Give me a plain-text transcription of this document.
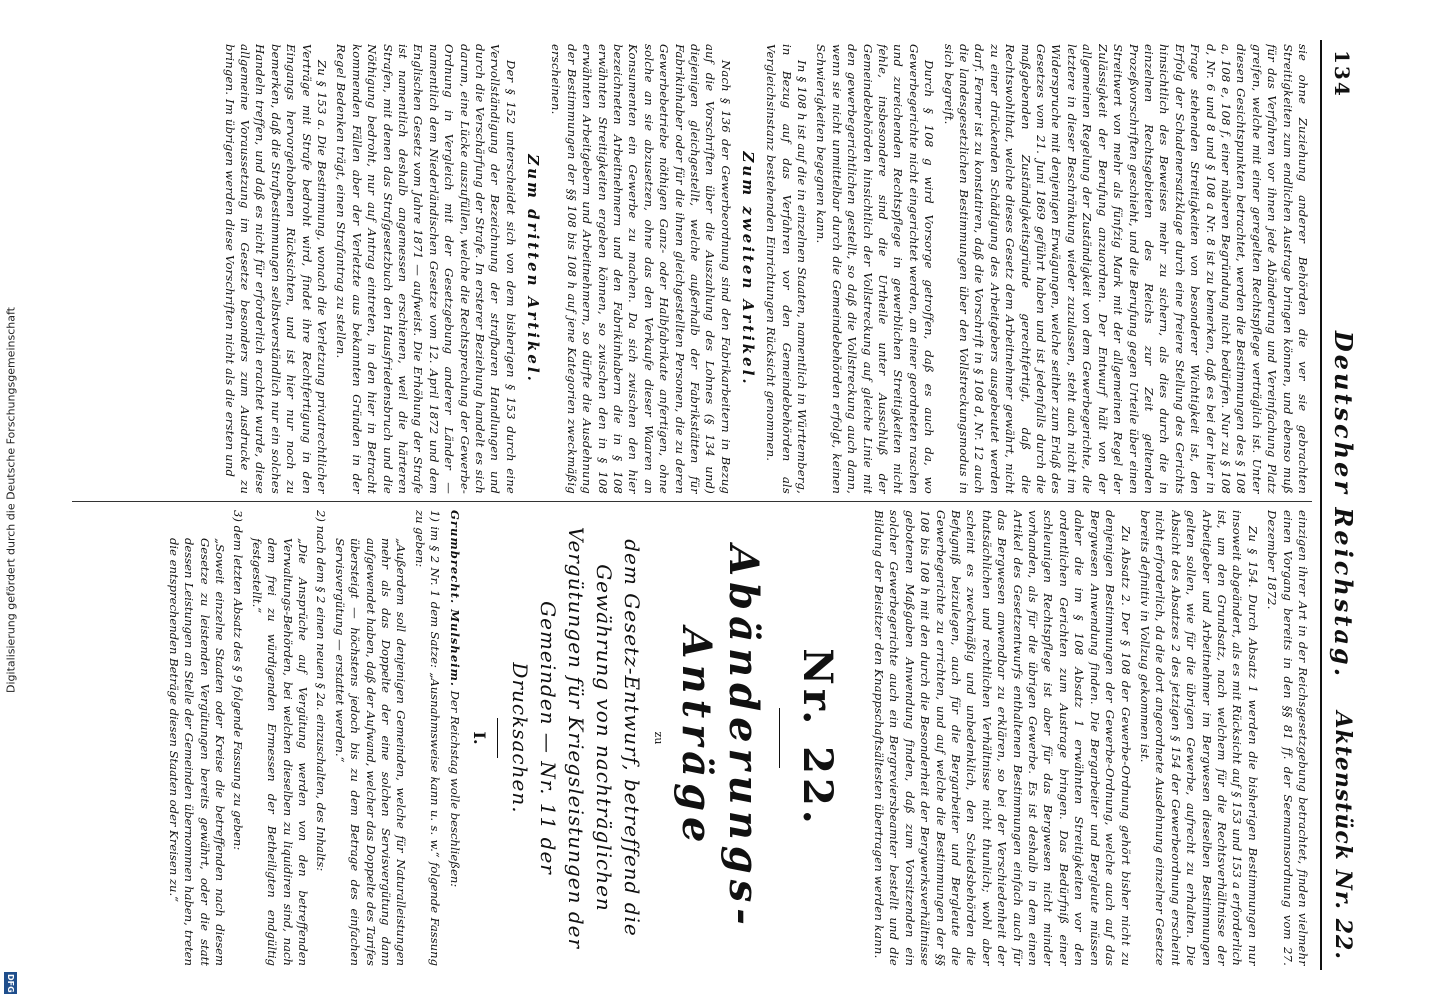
Digitalisierung gefördert durch die Deutsche Forschungsgemeinschaft
DFG
134
Deutscher Reichstag.
Aktenstück Nr. 22.

sie ohne Zuziehung anderer Behörden die ver sie gebrachten Streitigkeiten zum endlichen Austrage bringen können, und ebenso muß für das Verfahren vor ihnen jede Abänderung und Vereinfachung Platz greifen, welche mit einer geregelten Rechtspflege verträglich ist. Unter diesen Gesichtspunkten betrachtet, werden die Bestimmungen des § 108 a, 108 e, 108 f, einer näheren Begründung nicht bedürfen. Nur zu § 108 d, Nr. 6 und 8 und § 108 a Nr. 8 ist zu bemerken, daß es bei der hier in Frage stehenden Streitigkeiten von besonderer Wichtigkeit ist, den Erfolg der Schadenersatzklage durch eine freiere Stellung des Gerichts hinsichtlich des Beweises mehr zu sichern, als dies durch die in einzelnen Rechtsgebieten des Reichs zur Zeit geltenden Prozeßvorschriften geschieht, und die Berufung gegen Urteile über einen Streitwert von mehr als fünfzig Mark mit der allgemeinen Regel der Zulässigkeit der Berufung anzuordnen. Der Entwurf hält von der allgemeinen Regelung der Zuständigkeit von dem Gewerbegerichte, die letztere in dieser Beschränkung wieder zuzulassen, steht auch nicht im Widerspruche mit denjenigen Erwägungen, welche seither zum Erlaß des Gesetzes vom 21. Juni 1869 geführt haben und ist jedenfalls durch die maßgebenden Zuständigkeitsgründe gerechtfertigt, daß die Rechtswohlthat, welche dieses Gesetz dem Arbeitnehmer gewährt, nicht zu einer drückenden Schädigung des Arbeitgebers ausgebeutet werden darf. Ferner ist zu konstatiren, daß die Vorschrift in § 108 d, Nr. 12 auch die landesgesetzlichen Bestimmungen über den Vollstreckungsmodus in sich begreift.

Durch § 108 g wird Vorsorge getroffen, daß es auch da, wo Gewerbegerichte nicht eingerichtet werden, an einer geordneten raschen und zureichenden Rechtspflege in gewerblichen Streitigkeiten nicht fehle, insbesondere sind die Urtheile unter Ausschluß der Gemeindebehörden hinsichtlich der Vollstreckung auf gleiche Linie mit den gewerbegerichtlichen gestellt, so daß die Vollstreckung auch dann, wenn sie nicht unmittelbar durch die Gemeindebehörden erfolgt, keinen Schwierigkeiten begegnen kann.

In § 108 h ist auf die in einzelnen Staaten, namentlich in Württemberg, in Bezug auf das Verfahren vor den Gemeindebehörden als Vergleichsinstanz bestehenden Einrichtungen Rücksicht genommen.

Zum zweiten Artikel.

Nach § 136 der Gewerbeordnung sind den Fabrikarbeitern in Bezug auf die Vorschriften über die Auszahlung des Lohnes (§ 134 und) diejenigen gleichgestellt, welche außerhalb der Fabrikstätten für Fabrikinhaber oder für die ihnen gleichgestellten Personen, die zu deren Gewerbebetriebe nöthigen Ganz- oder Halbfabrikate anfertigen, ohne solche an sie abzusetzen, ohne das den Verkaufe dieser Waaren an Konsumenten ein Gewerbe zu machen. Da sich zwischen den hier bezeichneten Arbeitnehmern und den Fabrikinhabern die in § 108 erwähnten Streitigkeiten ergeben können, so zwischen den in § 108 erwähnten Arbeitgebern und Arbeitnehmern, so dürfte die Ausdehnung der Bestimmungen der §§ 108 bis 108 h auf jene Kategorien zweckmäßig erscheinen.

Zum dritten Artikel.

Der § 152 unterscheidet sich von dem bisherigen § 153 durch eine Vervollständigung der Bezeichnung der strafbaren Handlungen und durch die Verschärfung der Strafe. In ersterer Beziehung handelt es sich darum, eine Lücke auszufüllen, welche die Rechtsprechung der Gewerbe-Ordnung in Vergleich mit der Gesetzgebung anderer Länder — namentlich dem Niederländischen Gesetze vom 12. April 1872 und dem Englischen Gesetz vom Jahre 1871 — aufweist. Die Erhöhung der Strafe ist namentlich deshalb angemessen erschienen, weil die härteren Strafen, mit denen das Strafgesetzbuch den Hausfriedensbruch und die Nöthigung bedroht, nur auf Antrag eintreten, in den hier in Betracht kommenden Fällen aber der Verletzte aus bekannten Gründen in der Regel Bedenken trägt, einen Strafantrag zu stellen.

Zu § 153 a. Die Bestimmung, wonach die Verletzung privatrechtlicher Verträge mit Strafe bedroht wird, findet ihre Rechtfertigung in den Eingangs hervorgehobenen Rücksichten, und ist hier nur noch zu bemerken, daß die Strafbestimmungen selbstverständlich nur ein solches Handeln treffen, und daß es nicht für erforderlich erachtet wurde, diese allgemeine Voraussetzung im Gesetze besonders zum Ausdrucke zu bringen. Im übrigen werden diese Vorschriften nicht als die ersten und

einzigen ihrer Art in der Reichsgesetzgebung betrachtet, finden vielmehr einen Vorgang bereits in den §§ 81 ff. der Seemannsordnung vom 27. Dezember 1872.

Zu § 154. Durch Absatz 1 werden die bisherigen Bestimmungen nur insoweit abgeändert, als es mit Rücksicht auf § 153 und 153 a erforderlich ist, um den Grundsatz, nach welchem für die Rechtsverhältnisse der Arbeitgeber und Arbeitnehmer im Bergwesen dieselben Bestimmungen gelten sollen, wie für die übrigen Gewerbe, aufrecht zu erhalten. Die Absicht des Absatzes 2 des jetzigen § 154 der Gewerbeordnung erscheint nicht erforderlich, da die dort angeordnete Ausdehnung einzelner Gesetze bereits definitiv in Vollzug gekommen ist.

Zu Absatz 2. Der § 108 der Gewerbe-Ordnung gehört bisher nicht zu denjenigen Bestimmungen der Gewerbe-Ordnung, welche auch auf das Bergwesen Anwendung finden. Die Bergarbeiter und Bergleute müssen daher die im § 108 Absatz 1 erwähnten Streitigkeiten vor den ordentlichen Gerichten zum Austrage bringen. Das Bedürfniß einer schleunigen Rechtspflege ist aber für das Bergwesen nicht minder vorhanden, als für die übrigen Gewerbe. Es ist deshalb in dem einen Artikel des Gesetzentwurfs enthaltenen Bestimmungen einfach auch für das Bergwesen anwendbar zu erklären, so bei der Verschiedenheit der thatsächlichen und rechtlichen Verhältnisse nicht thunlich; wohl aber scheint es zweckmäßig und unbedenklich, den Schiedsbehörden die Befugniß beizulegen, auch für die Bergarbeiter und Bergleute die Gewerbegerichte zu errichten, und auf welche die Bestimmungen der §§ 108 bis 108 h mit den durch die Besonderheit der Bergwerksverhältnisse gebotenen Maßgaben Anwendung finden, daß zum Vorsitzenden ein solcher Gewerbegerichte auch ein Bergreviersbeamter bestellt und die Bildung der Beisitzer den Knappschaftsältesten übertragen werden kann.

Nr. 22.
Abänderungs-Anträge
zu
dem Gesetz-Entwurf, betreffend die Gewährung von nachträglichen Vergütungen für Kriegsleistungen der Gemeinden — Nr. 11 der Drucksachen.
I.

Grumbrecht. Mulsheim. Der Reichstag wolle beschließen:

1) im § 2 Nr. 1 dem Satze: „Ausnahmsweise kann u. s. w.“ folgende Fassung zu geben:

„Außerdem soll denjenigen Gemeinden, welche für Naturalleistungen mehr als das Doppelte der eine solchen Servisvergütung dann aufgewendet haben, daß der Aufwand, welcher das Doppelte des Tarifes übersteigt — höchstens jedoch bis zu dem Betrage des einfachen Servisvergütung — erstattet werden.“

2) nach dem § 2 einen neuen § 2a. einzuschalten, des Inhalts:

„Die Ansprüche auf Vergütung werden von den betreffenden Verwaltungs-Behörden, bei welchen dieselben zu liquidiren sind, nach dem frei zu würdigenden Ermessen der Betheiligten endgültig festgestellt.“

3) dem letzten Absatz des § 9 folgende Fassung zu geben:

„Soweit einzelne Staaten oder Kreise die betreffenden nach diesem Gesetze zu leistenden Vergütungen bereits gewährt, oder die statt dessen Leistungen an Stelle der Gemeinden übernommen haben, treten die entsprechenden Beträge diesen Staaten oder Kreisen zu.“
